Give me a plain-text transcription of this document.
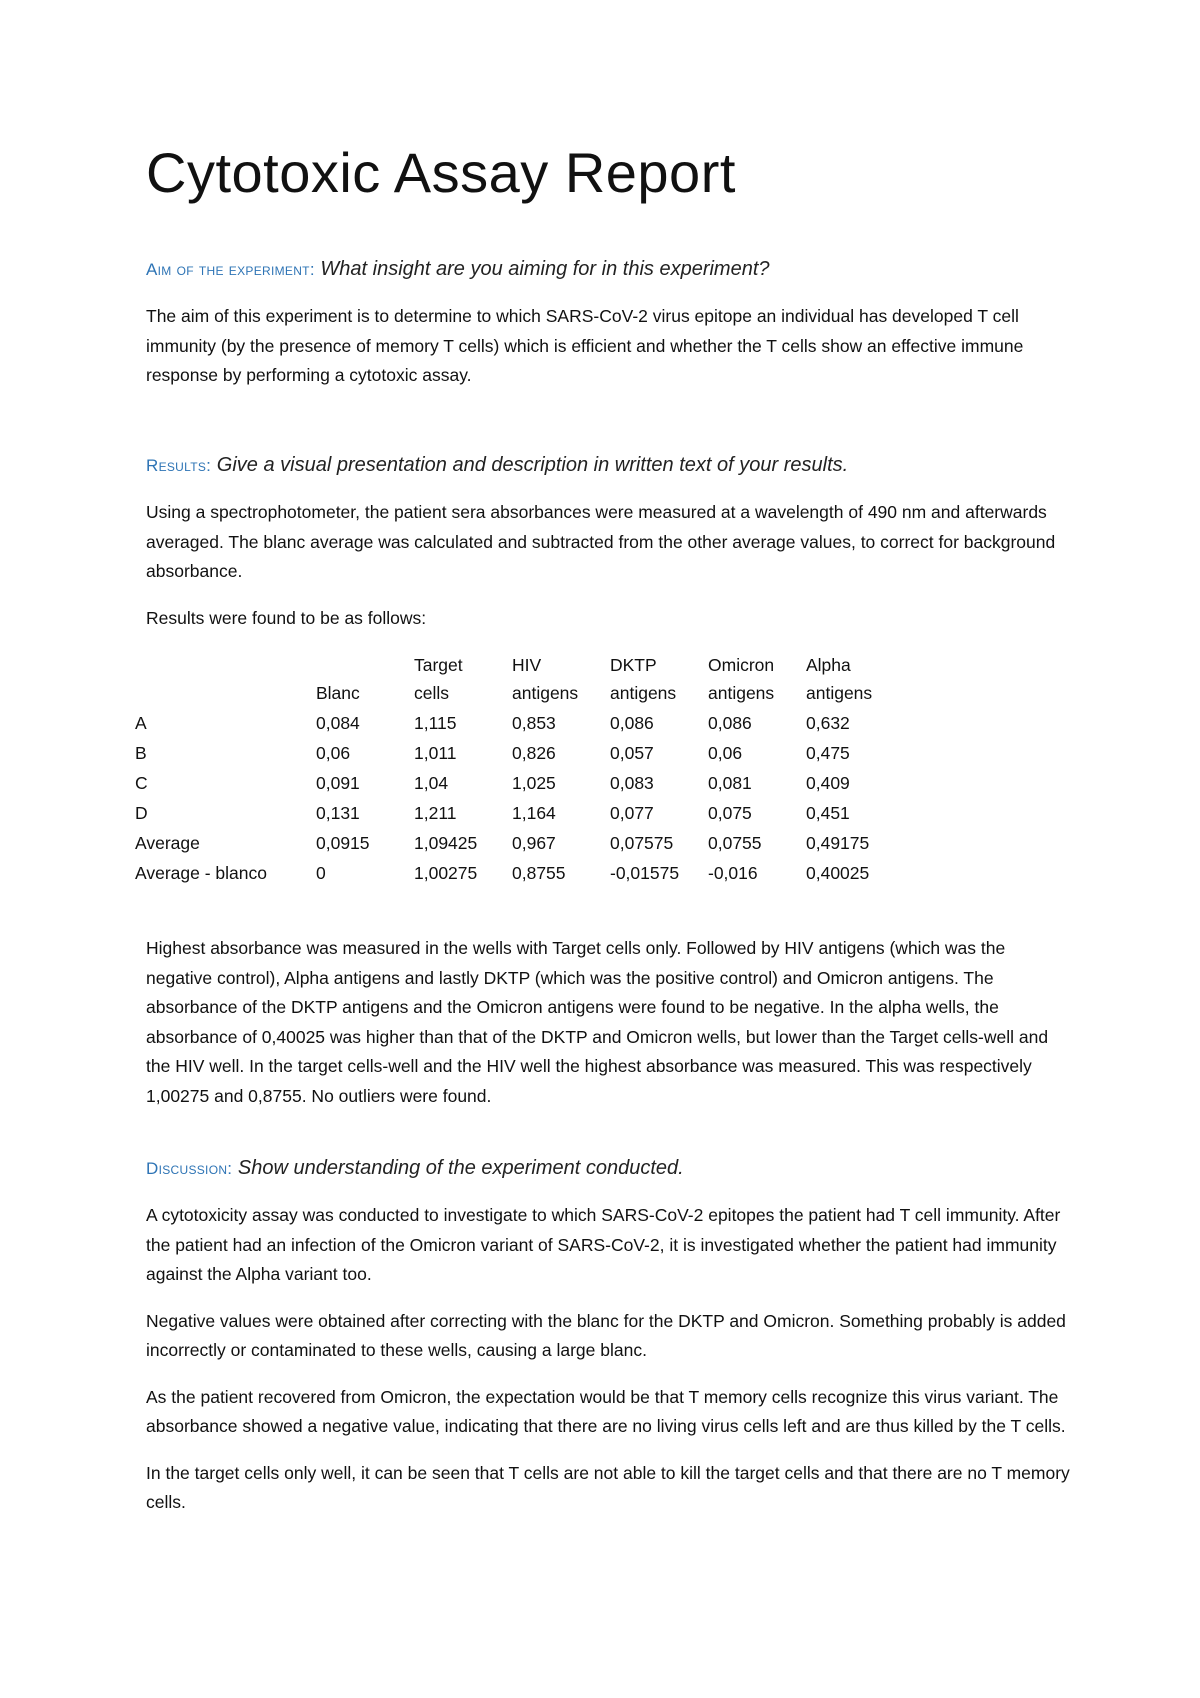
Cytotoxic Assay Report
Aim of the experiment: What insight are you aiming for in this experiment?

The aim of this experiment is to determine to which SARS-CoV-2 virus epitope an individual has developed T cell immunity (by the presence of memory T cells) which is efficient and whether the T cells show an effective immune response by performing a cytotoxic assay.

Results: Give a visual presentation and description in written text of your results.

Using a spectrophotometer, the patient sera absorbances were measured at a wavelength of 490 nm and afterwards averaged. The blanc average was calculated and subtracted from the other average values, to correct for background absorbance.

Results were found to be as follows:

		Target	HIV	DKTP	Omicron	Alpha
	Blanc	cells	antigens	antigens	antigens	antigens
A	0,084	1,115	0,853	0,086	0,086	0,632
B	0,06	1,011	0,826	0,057	0,06	0,475
C	0,091	1,04	1,025	0,083	0,081	0,409
D	0,131	1,211	1,164	0,077	0,075	0,451
Average	0,0915	1,09425	0,967	0,07575	0,0755	0,49175
Average - blanco	0	1,00275	0,8755	-0,01575	-0,016	0,40025

Highest absorbance was measured in the wells with Target cells only. Followed by HIV antigens (which was the negative control), Alpha antigens and lastly DKTP (which was the positive control) and Omicron antigens. The absorbance of the DKTP antigens and the Omicron antigens were found to be negative. In the alpha wells, the absorbance of 0,40025 was higher than that of the DKTP and Omicron wells, but lower than the Target cells-well and the HIV well. In the target cells-well and the HIV well the highest absorbance was measured. This was respectively 1,00275 and 0,8755. No outliers were found.

Discussion: Show understanding of the experiment conducted.

A cytotoxicity assay was conducted to investigate to which SARS-CoV-2 epitopes the patient had T cell immunity. After the patient had an infection of the Omicron variant of SARS-CoV-2, it is investigated whether the patient had immunity against the Alpha variant too.

Negative values were obtained after correcting with the blanc for the DKTP and Omicron. Something probably is added incorrectly or contaminated to these wells, causing a large blanc.

As the patient recovered from Omicron, the expectation would be that T memory cells recognize this virus variant. The absorbance showed a negative value, indicating that there are no living virus cells left and are thus killed by the T cells.

In the target cells only well, it can be seen that T cells are not able to kill the target cells and that there are no T memory cells.
